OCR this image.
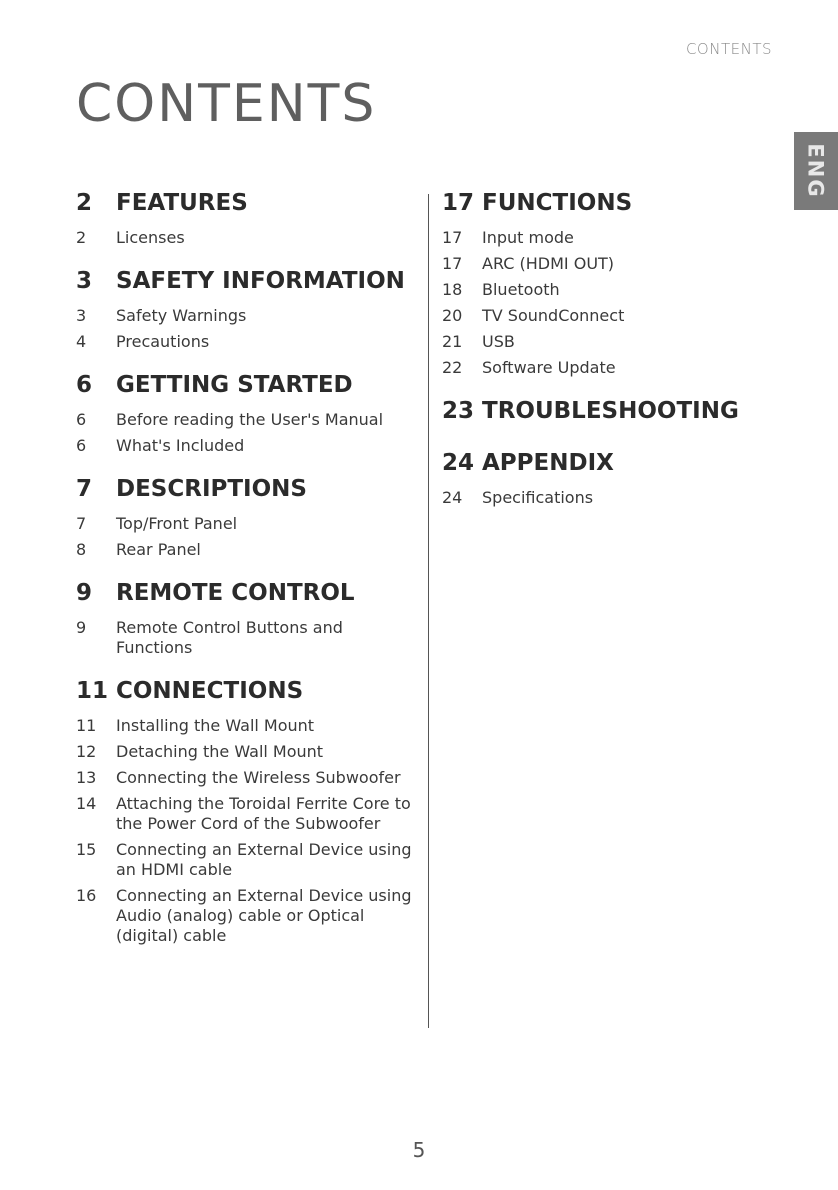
CONTENTS
CONTENTS
ENG
2	FEATURES
2	Licenses
3	SAFETY INFORMATION
3	Safety Warnings
4	Precautions
6	GETTING STARTED
6	Before reading the User's Manual
6	What's Included
7	DESCRIPTIONS
7	Top/Front Panel
8	Rear Panel
9	REMOTE CONTROL
9	Remote Control Buttons and Functions
11 CONNECTIONS
11	Installing the Wall Mount
12	Detaching the Wall Mount
13	Connecting the Wireless Subwoofer
14	Attaching the Toroidal Ferrite Core to the Power Cord of the Subwoofer
15	Connecting an External Device using an HDMI cable
16	Connecting an External Device using Audio (analog) cable or Optical (digital) cable
17 FUNCTIONS
17	Input mode
17	ARC (HDMI OUT)
18	Bluetooth
20	TV SoundConnect
21	USB
22	Software Update
23 TROUBLESHOOTING
24 APPENDIX
24	Specifications
5
